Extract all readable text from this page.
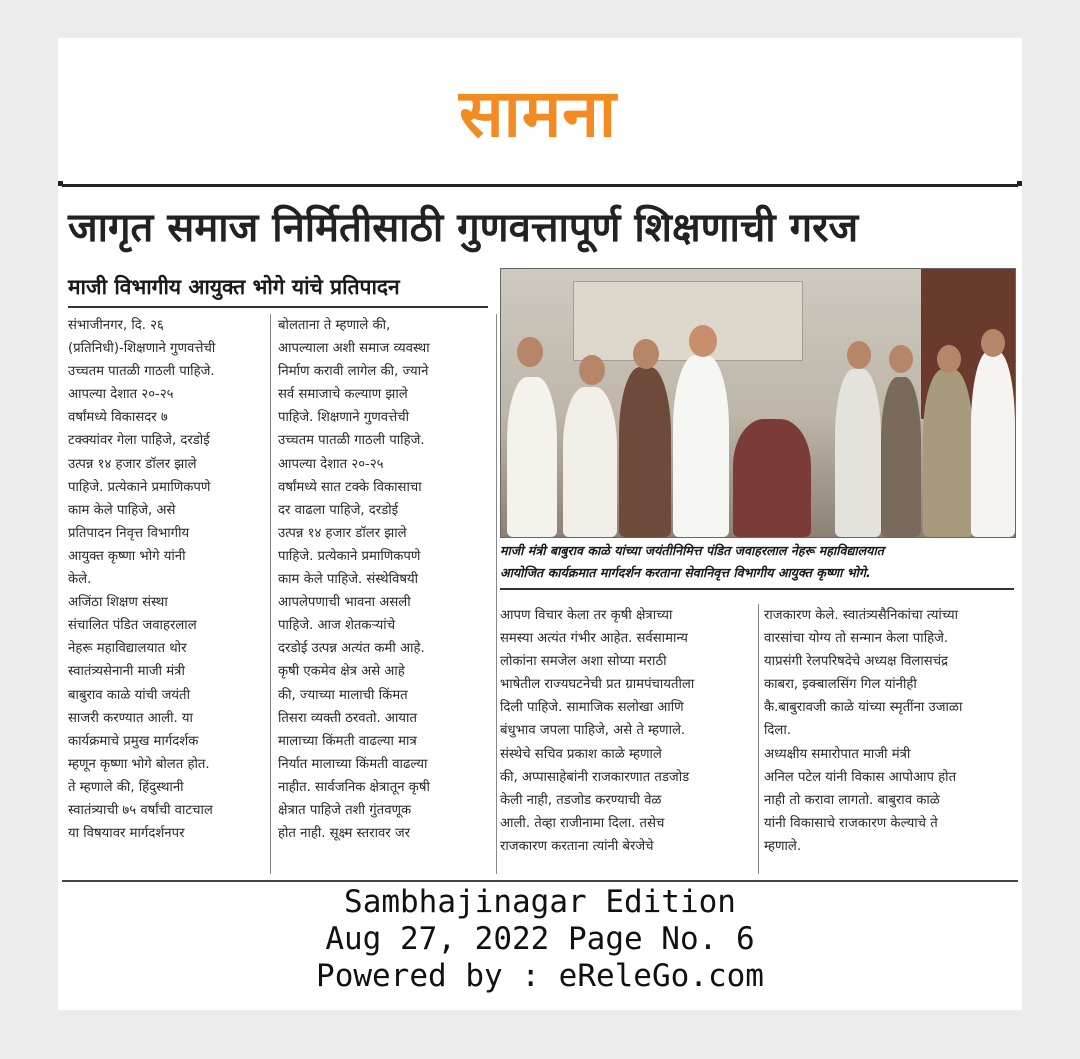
सामना
जागृत समाज निर्मितीसाठी गुणवत्तापूर्ण शिक्षणाची गरज
माजी विभागीय आयुक्त भोगे यांचे प्रतिपादन
संभाजीनगर, दि. २६
(प्रतिनिधी)-शिक्षणाने गुणवत्तेची
उच्चतम पातळी गाठली पाहिजे.
आपल्या देशात २०-२५
वर्षांमध्ये विकासदर ७
टक्क्यांवर गेला पाहिजे, दरडोई
उत्पन्न १४ हजार डॉलर झाले
पाहिजे. प्रत्येकाने प्रमाणिकपणे
काम केले पाहिजे, असे
प्रतिपादन निवृत्त विभागीय
आयुक्त कृष्णा भोगे यांनी
केले.
अजिंठा शिक्षण संस्था
संचालित पंडित जवाहरलाल
नेहरू महाविद्यालयात थोर
स्वातंत्र्यसेनानी माजी मंत्री
बाबुराव काळे यांची जयंती
साजरी करण्यात आली. या
कार्यक्रमाचे प्रमुख मार्गदर्शक
म्हणून कृष्णा भोगे बोलत होत.
ते म्हणाले की, हिंदुस्थानी
स्वातंत्र्याची ७५ वर्षांची वाटचाल
या विषयावर मार्गदर्शनपर
बोलताना ते म्हणाले की,
आपल्याला अशी समाज व्यवस्था
निर्माण करावी लागेल की, ज्याने
सर्व समाजाचे कल्याण झाले
पाहिजे. शिक्षणाने गुणवत्तेची
उच्चतम पातळी गाठली पाहिजे.
आपल्या देशात २०-२५
वर्षांमध्ये सात टक्के विकासाचा
दर वाढला पाहिजे, दरडोई
उत्पन्न १४ हजार डॉलर झाले
पाहिजे. प्रत्येकाने प्रमाणिकपणे
काम केले पाहिजे. संस्थेविषयी
आपलेपणाची भावना असली
पाहिजे. आज शेतकऱ्यांचे
दरडोई उत्पन्न अत्यंत कमी आहे.
कृषी एकमेव क्षेत्र असे आहे
की, ज्याच्या मालाची किंमत
तिसरा व्यक्ती ठरवतो. आयात
मालाच्या किंमती वाढल्या मात्र
निर्यात मालाच्या किंमती वाढल्या
नाहीत. सार्वजनिक क्षेत्रातून कृषी
क्षेत्रात पाहिजे तशी गुंतवणूक
होत नाही. सूक्ष्म स्तरावर जर
माजी मंत्री बाबुराव काळे यांच्या जयंतीनिमित्त पंडित जवाहरलाल नेहरू महाविद्यालयात
आयोजित कार्यक्रमात मार्गदर्शन करताना सेवानिवृत्त विभागीय आयुक्त कृष्णा भोगे.
आपण विचार केला तर कृषी क्षेत्राच्या
समस्या अत्यंत गंभीर आहेत. सर्वसामान्य
लोकांना समजेल अशा सोप्या मराठी
भाषेतील राज्यघटनेची प्रत ग्रामपंचायतीला
दिली पाहिजे. सामाजिक सलोखा आणि
बंधुभाव जपला पाहिजे, असे ते म्हणाले.
संस्थेचे सचिव प्रकाश काळे म्हणाले
की, अप्पासाहेबांनी राजकारणात तडजोड
केली नाही, तडजोड करण्याची वेळ
आली. तेव्हा राजीनामा दिला. तसेच
राजकारण करताना त्यांनी बेरजेचे
राजकारण केले. स्वातंत्र्यसैनिकांचा त्यांच्या
वारसांचा योग्य तो सन्मान केला पाहिजे.
याप्रसंगी रेलपरिषदेचे अध्यक्ष विलासचंद्र
काबरा, इक्बालसिंग गिल यांनीही
कै.बाबुरावजी काळे यांच्या स्मृतींना उजाळा
दिला.
अध्यक्षीय समारोपात माजी मंत्री
अनिल पटेल यांनी विकास आपोआप होत
नाही तो करावा लागतो. बाबुराव काळे
यांनी विकासाचे राजकारण केल्याचे ते
म्हणाले.
Sambhajinagar Edition
Aug 27, 2022 Page No. 6
Powered by : eReleGo.com
